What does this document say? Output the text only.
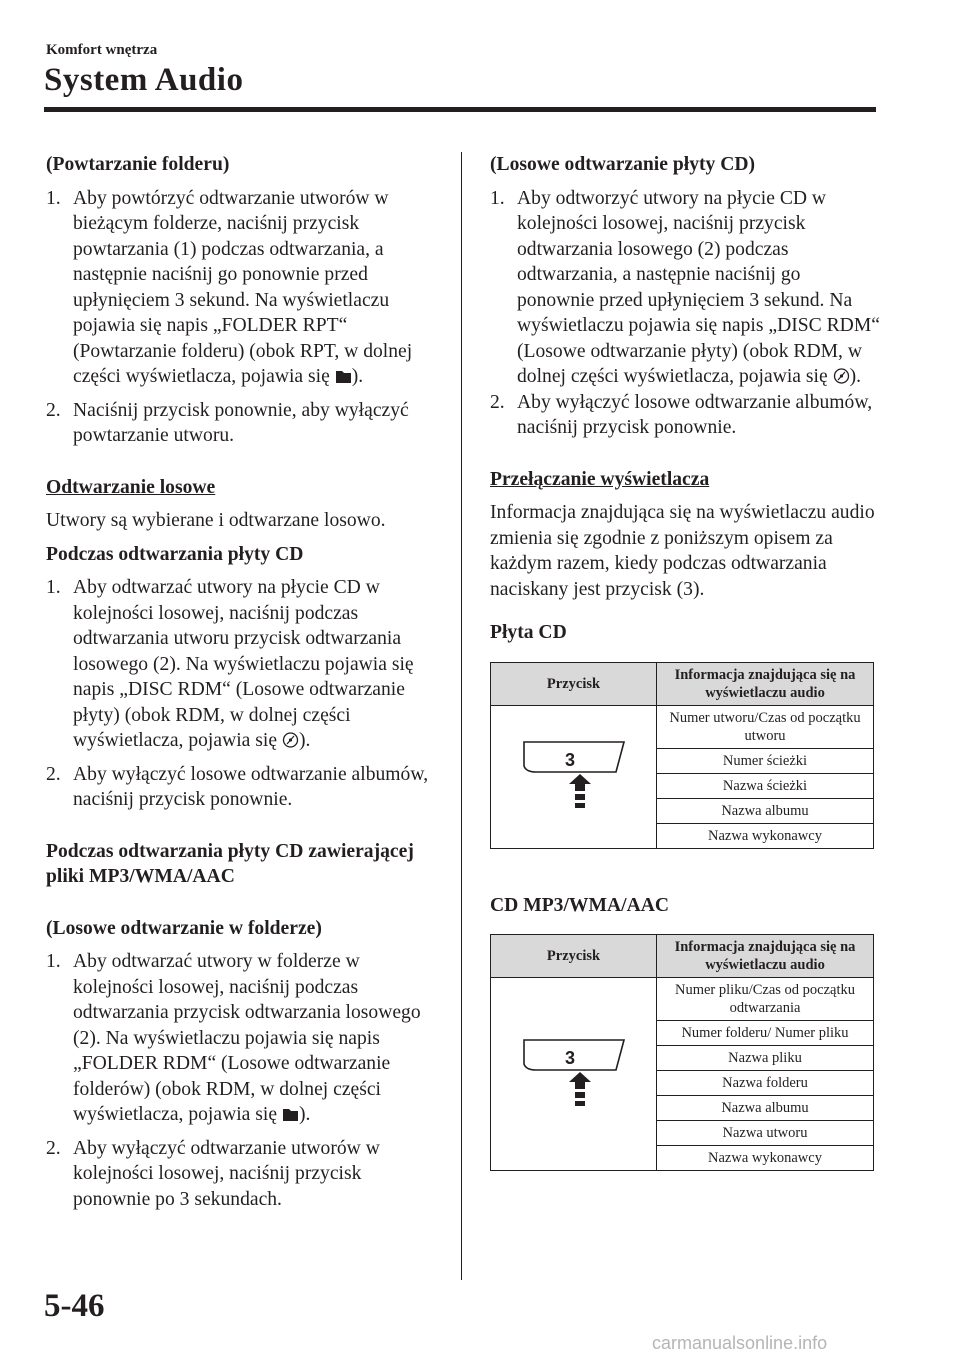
Komfort wnętrza
System Audio

(Powtarzanie folderu)

1. Aby powtórzyć odtwarzanie utworów w bieżącym folderze, naciśnij przycisk powtarzania (1) podczas odtwarzania, a następnie naciśnij go ponownie przed upłynięciem 3 sekund. Na wyświetlaczu pojawia się napis „FOLDER RPT“ (Powtarzanie folderu) (obok RPT, w dolnej części wyświetlacza, pojawia się ).
2. Naciśnij przycisk ponownie, aby wyłączyć powtarzanie utworu.

Odtwarzanie losowe

Utwory są wybierane i odtwarzane losowo.

Podczas odtwarzania płyty CD

1. Aby odtwarzać utwory na płycie CD w kolejności losowej, naciśnij podczas odtwarzania utworu przycisk odtwarzania losowego (2). Na wyświetlaczu pojawia się napis „DISC RDM“ (Losowe odtwarzanie płyty) (obok RDM, w dolnej części wyświetlacza, pojawia się ).
2. Aby wyłączyć losowe odtwarzanie albumów, naciśnij przycisk ponownie.

Podczas odtwarzania płyty CD zawierającej pliki MP3/WMA/AAC

(Losowe odtwarzanie w folderze)

1. Aby odtwarzać utwory w folderze w kolejności losowej, naciśnij podczas odtwarzania przycisk odtwarzania losowego (2). Na wyświetlaczu pojawia się napis „FOLDER RDM“ (Losowe odtwarzanie folderów) (obok RDM, w dolnej części wyświetlacza, pojawia się ).
2. Aby wyłączyć odtwarzanie utworów w kolejności losowej, naciśnij przycisk ponownie po 3 sekundach.

(Losowe odtwarzanie płyty CD)

1. Aby odtworzyć utwory na płycie CD w kolejności losowej, naciśnij przycisk odtwarzania losowego (2) podczas odtwarzania, a następnie naciśnij go ponownie przed upłynięciem 3 sekund. Na wyświetlaczu pojawia się napis „DISC RDM“ (Losowe odtwarzanie płyty) (obok RDM, w dolnej części wyświetlacza, pojawia się ).
2. Aby wyłączyć losowe odtwarzanie albumów, naciśnij przycisk ponownie.

Przełączanie wyświetlacza

Informacja znajdująca się na wyświetlaczu audio zmienia się zgodnie z poniższym opisem za każdym razem, kiedy podczas odtwarzania naciskany jest przycisk (3).

Płyta CD

Przycisk	Informacja znajdująca się na wyświetlaczu audio

3	Numer utworu/Czas od początku utworu
	Numer ścieżki
	Nazwa ścieżki
	Nazwa albumu
	Nazwa wykonawcy

CD MP3/WMA/AAC

Przycisk	Informacja znajdująca się na wyświetlaczu audio

3	Numer pliku/Czas od początku odtwarzania
	Numer folderu/ Numer pliku
	Nazwa pliku
	Nazwa folderu
	Nazwa albumu
	Nazwa utworu
	Nazwa wykonawcy
5-46
carmanualsonline.info
